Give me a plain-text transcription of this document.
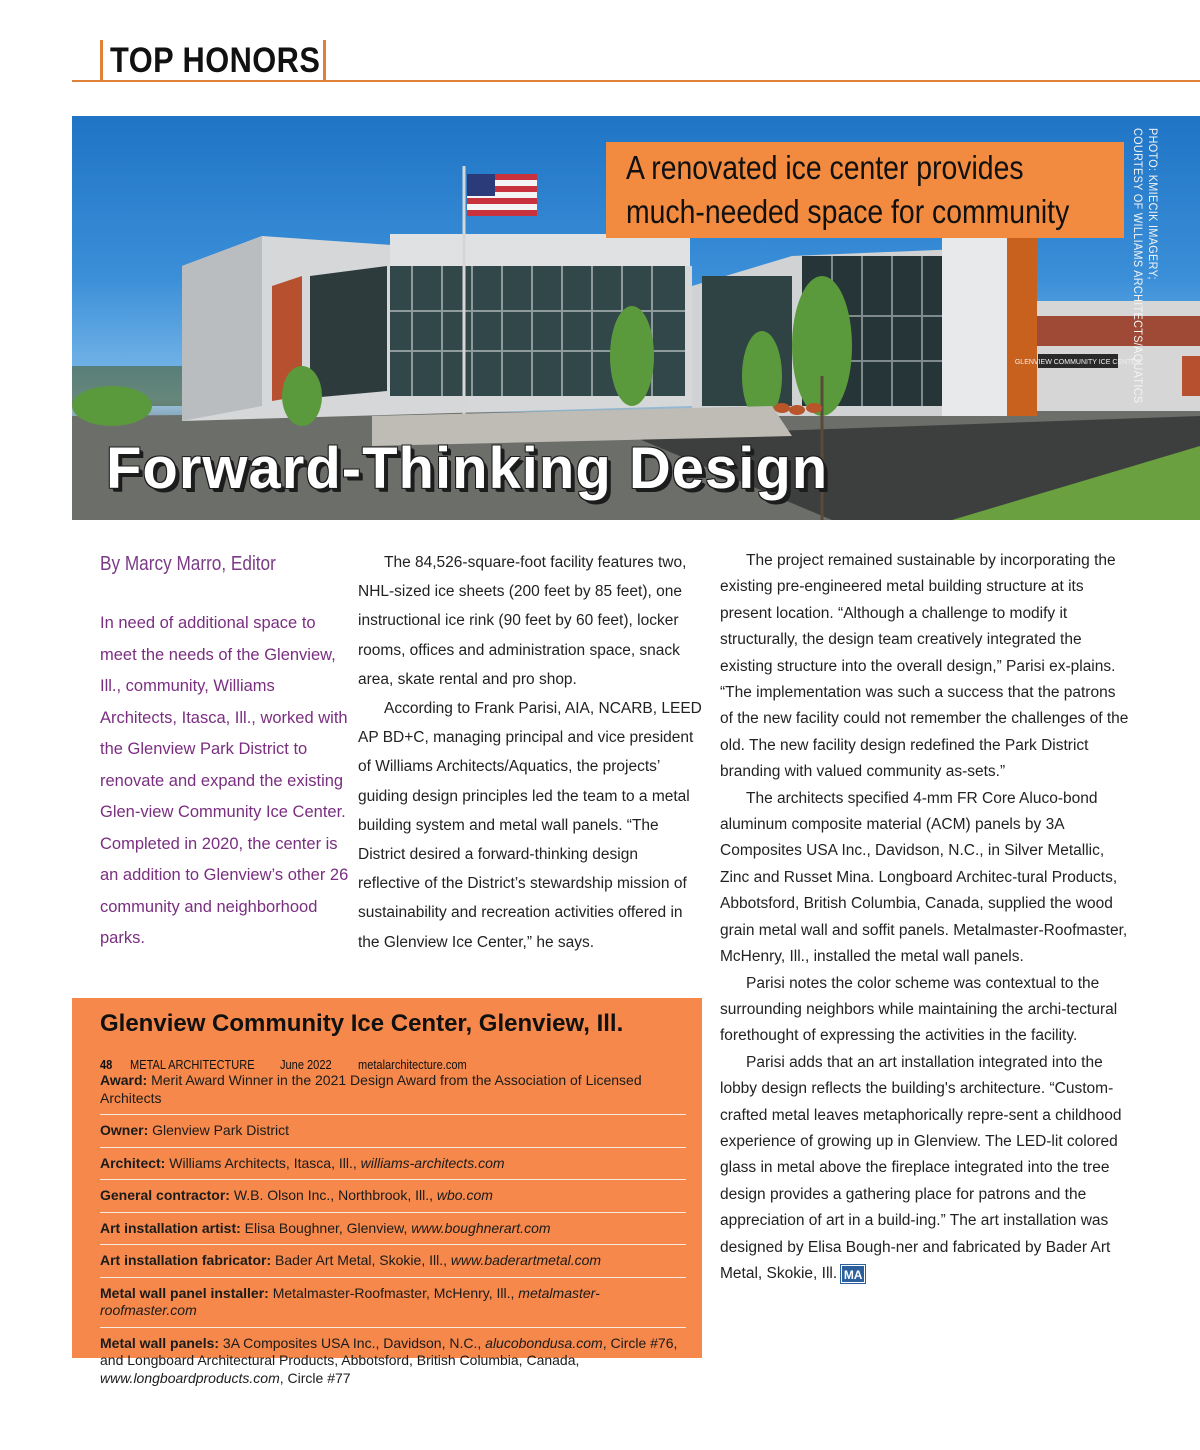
TOP HONORS
GLENVIEW COMMUNITY ICE CENTER
A renovated ice center provides
much-needed space for community	PHOTO: KMIECIK IMAGERY;
COURTESY OF WILLIAMS ARCHITECTS/AQUATICS
Forward-Thinking Design
By Marcy Marro, Editor
In need of additional space to meet the needs of the Glenview, Ill., community, Williams Architects, Itasca, Ill., worked with the Glenview Park District to renovate and expand the existing Glen-view Community Ice Center. Completed in 2020, the center is an addition to Glenview’s other 26 community and neighborhood parks.

The 84,526-square-foot facility features two, NHL-sized ice sheets (200 feet by 85 feet), one instructional ice rink (90 feet by 60 feet), locker rooms, offices and administration space, snack area, skate rental and pro shop.

According to Frank Parisi, AIA, NCARB, LEED AP BD+C, managing principal and vice president of Williams Architects/Aquatics, the projects’ guiding design principles led the team to a metal building system and metal wall panels. “The District desired a forward-thinking design reflective of the District’s stewardship mission of sustainability and recreation activities offered in the Glenview Ice Center,” he says.

The project remained sustainable by incorporating the existing pre-engineered metal building structure at its present location. “Although a challenge to modify it structurally, the design team creatively integrated the existing structure into the overall design,” Parisi ex-plains. “The implementation was such a success that the patrons of the new facility could not remember the challenges of the old. The new facility design redefined the Park District branding with valued community as-sets.”

The architects specified 4-mm FR Core Aluco-bond aluminum composite material (ACM) panels by 3A Composites USA Inc., Davidson, N.C., in Silver Metallic, Zinc and Russet Mina. Longboard Architec-tural Products, Abbotsford, British Columbia, Canada, supplied the wood grain metal wall and soffit panels. Metalmaster-Roofmaster, McHenry, Ill., installed the metal wall panels.

Parisi notes the color scheme was contextual to the surrounding neighbors while maintaining the archi-tectural forethought of expressing the activities in the facility.

Parisi adds that an art installation integrated into the lobby design reflects the building's architecture. “Custom-crafted metal leaves metaphorically repre-sent a childhood experience of growing up in Glenview. The LED-lit colored glass in metal above the fireplace integrated into the tree design provides a gathering place for patrons and the appreciation of art in a build-ing.” The art installation was designed by Elisa Bough-ner and fabricated by Bader Art Metal, Skokie, Ill. MA

Glenview Community Ice Center, Glenview, Ill.
Award: Merit Award Winner in the 2021 Design Award from the Association of Licensed Architects
Owner: Glenview Park District
Architect: Williams Architects, Itasca, Ill., williams-architects.com
General contractor: W.B. Olson Inc., Northbrook, Ill., wbo.com
Art installation artist: Elisa Boughner, Glenview, www.boughnerart.com
Art installation fabricator: Bader Art Metal, Skokie, Ill., www.baderartmetal.com
Metal wall panel installer: Metalmaster-Roofmaster, McHenry, Ill., metalmaster-roofmaster.com
Metal wall panels: 3A Composites USA Inc., Davidson, N.C., alucobondusa.com, Circle #76, and Longboard Architectural Products, Abbotsford, British Columbia, Canada, www.longboardproducts.com, Circle #77
48 METAL ARCHITECTURE June 2022 metalarchitecture.com
